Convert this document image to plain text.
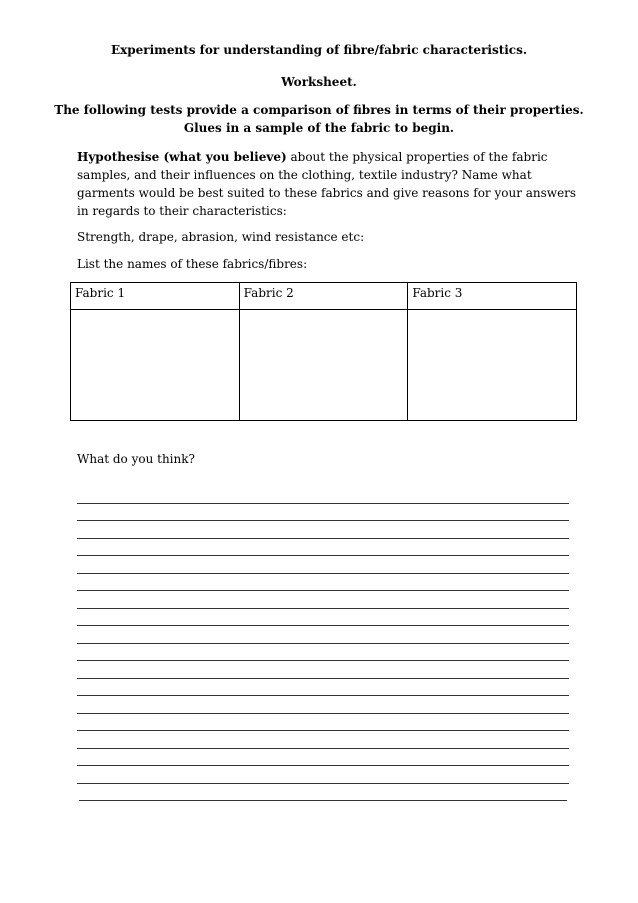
Experiments for understanding of fibre/fabric characteristics.
Worksheet.
The following tests provide a comparison of fibres in terms of their properties.
Glues in a sample of the fabric to begin.
Hypothesise (what you believe) about the physical properties of the fabric samples, and their influences on the clothing, textile industry? Name what garments would be best suited to these fabrics and give reasons for your answers in regards to their characteristics:
Strength, drape, abrasion, wind resistance etc:
List the names of these fabrics/fibres:
Fabric 1	Fabric 2	Fabric 3

What do you think?
